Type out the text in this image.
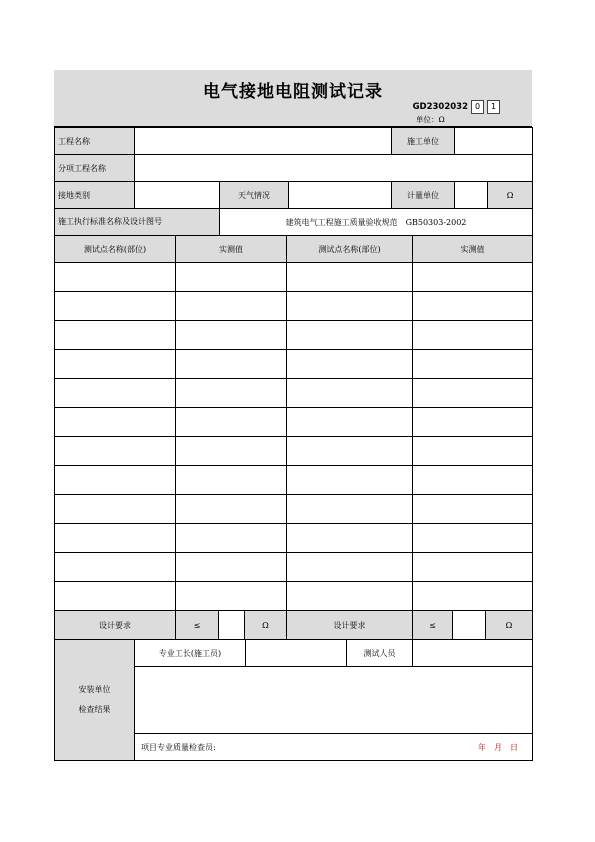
电气接地电阻测试记录
GD2302032 0	1
单位：Ω
工程名称				施工单位		
分项工程名称						
接地类别		天气情况		计量单位		Ω

施工执行标准名称及设计图号		建筑电气工程施工质量验收规范　GB50303-2002				
测试点名称(部位)	实测值	测试点名称(部位)	实测值

设计要求	≤		Ω	设计要求	≤		Ω
安装单位
检查结果
	专业工长(施工员)		测试人员	

项目专业质量检查员:	年　月　日
